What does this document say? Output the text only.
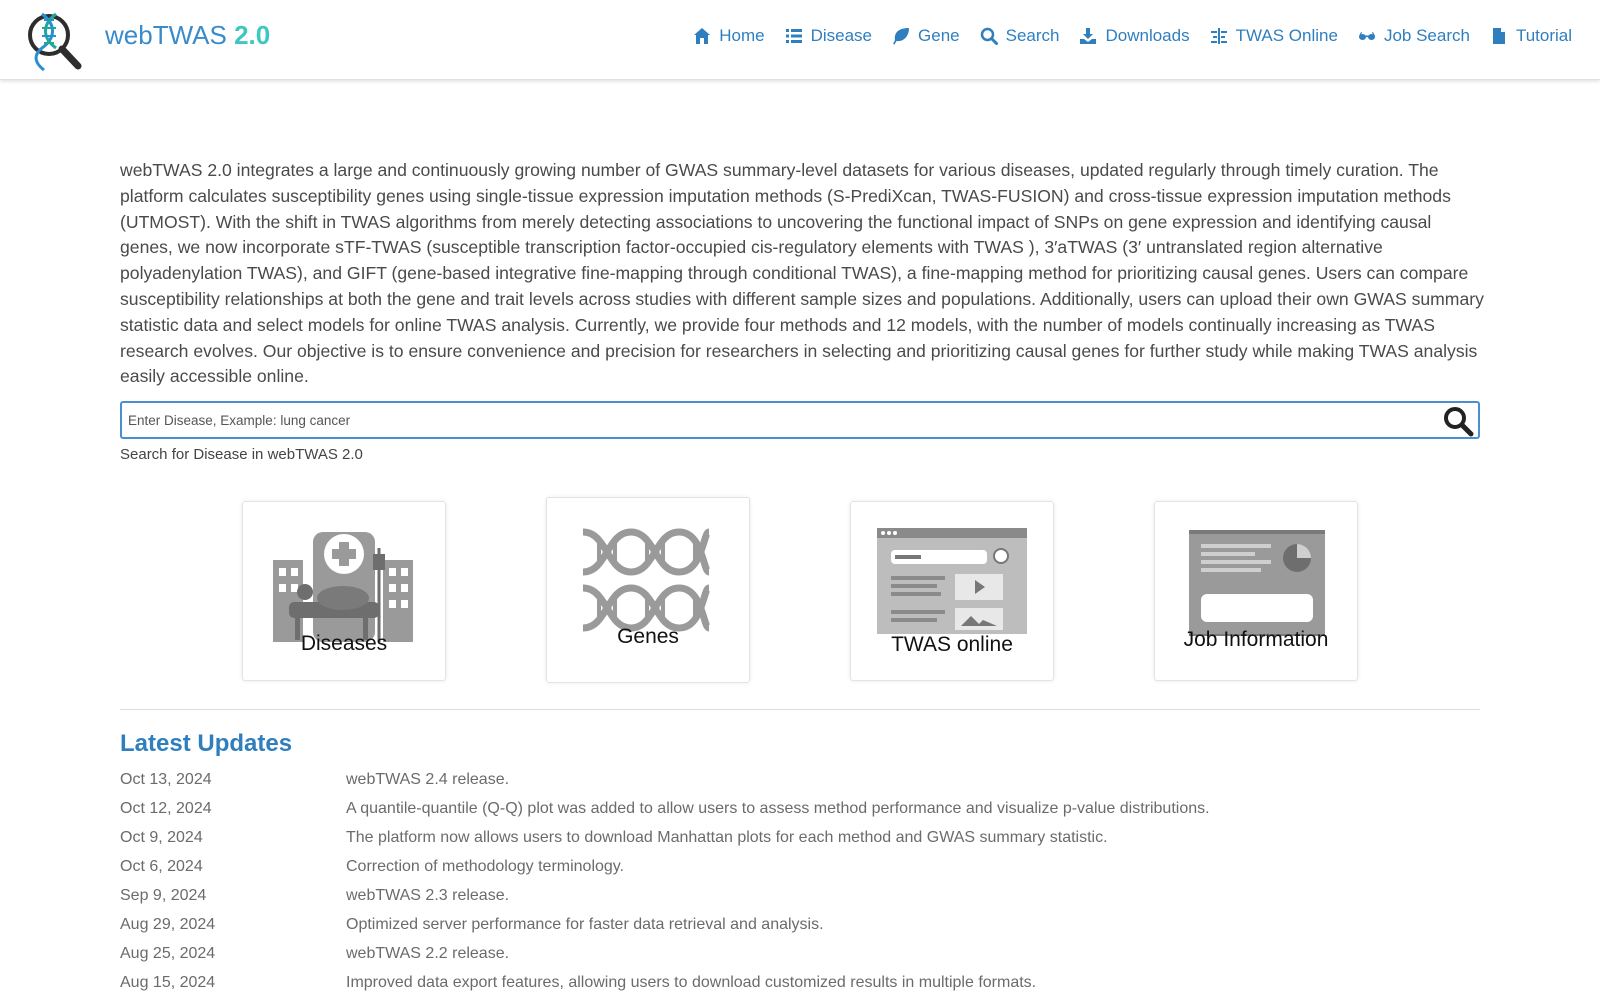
webTWAS 2.0	Home	Disease	Gene	Search	Downloads	TWAS Online	Job Search	Tutorial

webTWAS 2.0 integrates a large and continuously growing number of GWAS summary-level datasets for various diseases, updated regularly through timely curation. The platform calculates susceptibility genes using single-tissue expression imputation methods (S-PrediXcan, TWAS-FUSION) and cross-tissue expression imputation methods (UTMOST). With the shift in TWAS algorithms from merely detecting associations to uncovering the functional impact of SNPs on gene expression and identifying causal genes, we now incorporate sTF-TWAS (susceptible transcription factor-occupied cis-regulatory elements with TWAS ), 3′aTWAS (3′ untranslated region alternative polyadenylation TWAS), and GIFT (gene-based integrative fine-mapping through conditional TWAS), a fine-mapping method for prioritizing causal genes. Users can compare susceptibility relationships at both the gene and trait levels across studies with different sample sizes and populations. Additionally, users can upload their own GWAS summary statistic data and select models for online TWAS analysis. Currently, we provide four methods and 12 models, with the number of models continually increasing as TWAS research evolves. Our objective is to ensure convenience and precision for researchers in selecting and prioritizing causal genes for further study while making TWAS analysis easily accessible online.

Enter Disease, Example: lung cancer
Search for Disease in webTWAS 2.0
Diseases	Genes	TWAS online	Job Information
Latest Updates
Oct 13, 2024	webTWAS 2.4 release.
Oct 12, 2024	A quantile-quantile (Q-Q) plot was added to allow users to assess method performance and visualize p-value distributions.
Oct 9, 2024	The platform now allows users to download Manhattan plots for each method and GWAS summary statistic.
Oct 6, 2024	Correction of methodology terminology.
Sep 9, 2024	webTWAS 2.3 release.
Aug 29, 2024	Optimized server performance for faster data retrieval and analysis.
Aug 25, 2024	webTWAS 2.2 release.
Aug 15, 2024	Improved data export features, allowing users to download customized results in multiple formats.
